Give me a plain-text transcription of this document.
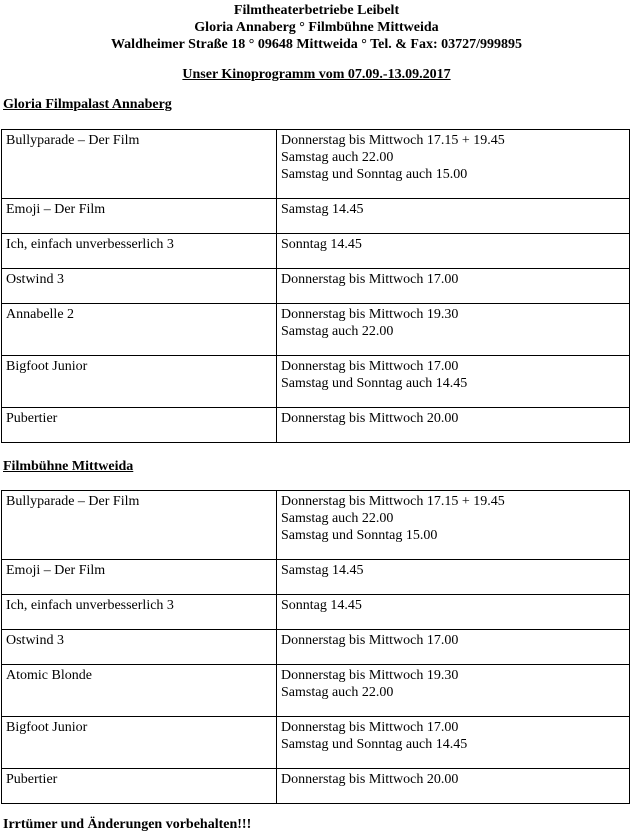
Filmtheaterbetriebe Leibelt
Gloria Annaberg ° Filmbühne Mittweida
Waldheimer Straße 18 ° 09648 Mittweida ° Tel. & Fax: 03727/999895
Unser Kinoprogramm vom 07.09.-13.09.2017
Gloria Filmpalast Annaberg
Bullyparade – Der Film	Donnerstag bis Mittwoch 17.15 + 19.45
Samstag auch 22.00
Samstag und Sonntag auch 15.00

Emoji – Der Film	Samstag 14.45

Ich, einfach unverbesserlich 3	Sonntag 14.45

Ostwind 3	Donnerstag bis Mittwoch 17.00

Annabelle 2	Donnerstag bis Mittwoch 19.30
Samstag auch 22.00

Bigfoot Junior	Donnerstag bis Mittwoch 17.00
Samstag und Sonntag auch 14.45

Pubertier	Donnerstag bis Mittwoch 20.00
Filmbühne Mittweida
Bullyparade – Der Film	Donnerstag bis Mittwoch 17.15 + 19.45
Samstag auch 22.00
Samstag und Sonntag 15.00

Emoji – Der Film	Samstag 14.45

Ich, einfach unverbesserlich 3	Sonntag 14.45

Ostwind 3	Donnerstag bis Mittwoch 17.00

Atomic Blonde	Donnerstag bis Mittwoch 19.30
Samstag auch 22.00

Bigfoot Junior	Donnerstag bis Mittwoch 17.00
Samstag und Sonntag auch 14.45

Pubertier	Donnerstag bis Mittwoch 20.00
Irrtümer und Änderungen vorbehalten!!!
